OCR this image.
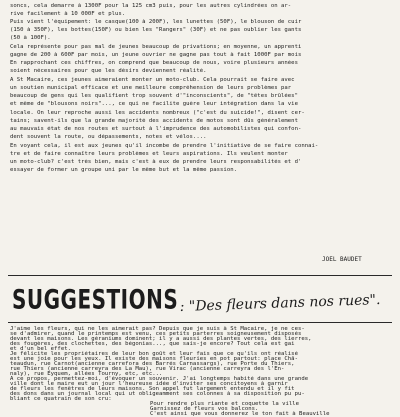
soncs, cela demarre à 1300F pour la 125 cm3 puis, pour les autres cylindrées on ar-
rive facilement à 10 000F et plus.
Puis vient l'équipement: le casque(100 à 200F), les lunettes (50F), le blouson de cuir
(150 à 350F), les bottes(150F) ou bien les "Rangers" (30F) et ne pas oublier les gants
(50 à 100F).
Cela représente pour pas mal de jeunes beaucoup de privations; en moyenne, un apprenti
gagne de 200 à 600F par mois, un jeune ouvrier ne gagne pas tout à fait 1000F par mois
En rapprochant ces chiffres, on comprend que beaucoup de nous, voire plusieurs années
soient nécessaires pour que les désirs deviennent réalité.
A St Macaire, ces jeunes aimeraient monter un moto-club. Cela pourrait se faire avec
un soutien municipal efficace et une meilleure compréhension de leurs problèmes par
beaucoup de gens qui les qualifient trop souvent d'"inconscients", de "têtes brûlées"
et même de "blousons noirs"..., ce qui ne facilite guère leur intégration dans la vie
locale. On leur reproche aussi les accidents nombreux ("c'est du suicide!", disent cer-
tains; savent-ils que la grande majorité des accidents de motos sont dûs généralement
au mauvais état de nos routes et surtout à l'imprudence des automobilistes qui confon-
dent souvent la route, ou dépassements, notes et vélos....
En voyant cela, il est aux jeunes qu'il incombe de prendre l'initiative de se faire connai-
tre et de faire connaître leurs problèmes et leurs aspirations. Ils veulent monter
un moto-club? c'est très bien, mais c'est à eux de prendre leurs responsabilités et d'
essayer de former un groupe uni par le même but et la même passion.
JOEL BAUDET
SUGGESTIONS : "Des fleurs dans nos rues".
J'aime les fleurs, qui ne les aimerait pas? Depuis que je suis à St Macaire, je ne ces-
se d'admirer, quand le printemps est venu, ces petits parterres soigneusement disposés
devant les maisons. Les géraniums dominent; il y a aussi des plantes vertes, des lierres,
des fougères, des clochettes, des bégonias..., que sais-je encore? Tout cela est gai
et d'un bel effet.
Je félicite les propriétaires de leur bon goût et leur fais que ce qu'ils ont réalisé
est une joie pour les yeux. Il existe des maisons fleuries en pot partout: place Châ-
teaudun, rue Carnot(ancienne carrefora des Barrés Carnassargs), rue Porte du Thiers,
rue Thiers (ancienne carreyra des La Mau), rue Virac (ancienne carreyra des l'En-
naly), rue Eyquem, allées Tourny, etc, etc...
A ce propos, permettez-moi, d'évoquer un souvenir. J'ai longtemps habité dans une grande
ville dont le maire eut un jour l'heureuse idée d'inviter ses concitoyens à garnir
de fleurs les fenêtres de leurs maisons. Son appel fut largement entendu et il y fit
des dons dans un journal local qui ut obligeamment ses colonnes à sa disposition pu pu-
bliant ce quatrain de son cru:
Pour rendre plus riante et coquette la ville
Garnissez de fleurs vos balcons.
C'est ainsi que vous donnerez le ton fait à Beauville
